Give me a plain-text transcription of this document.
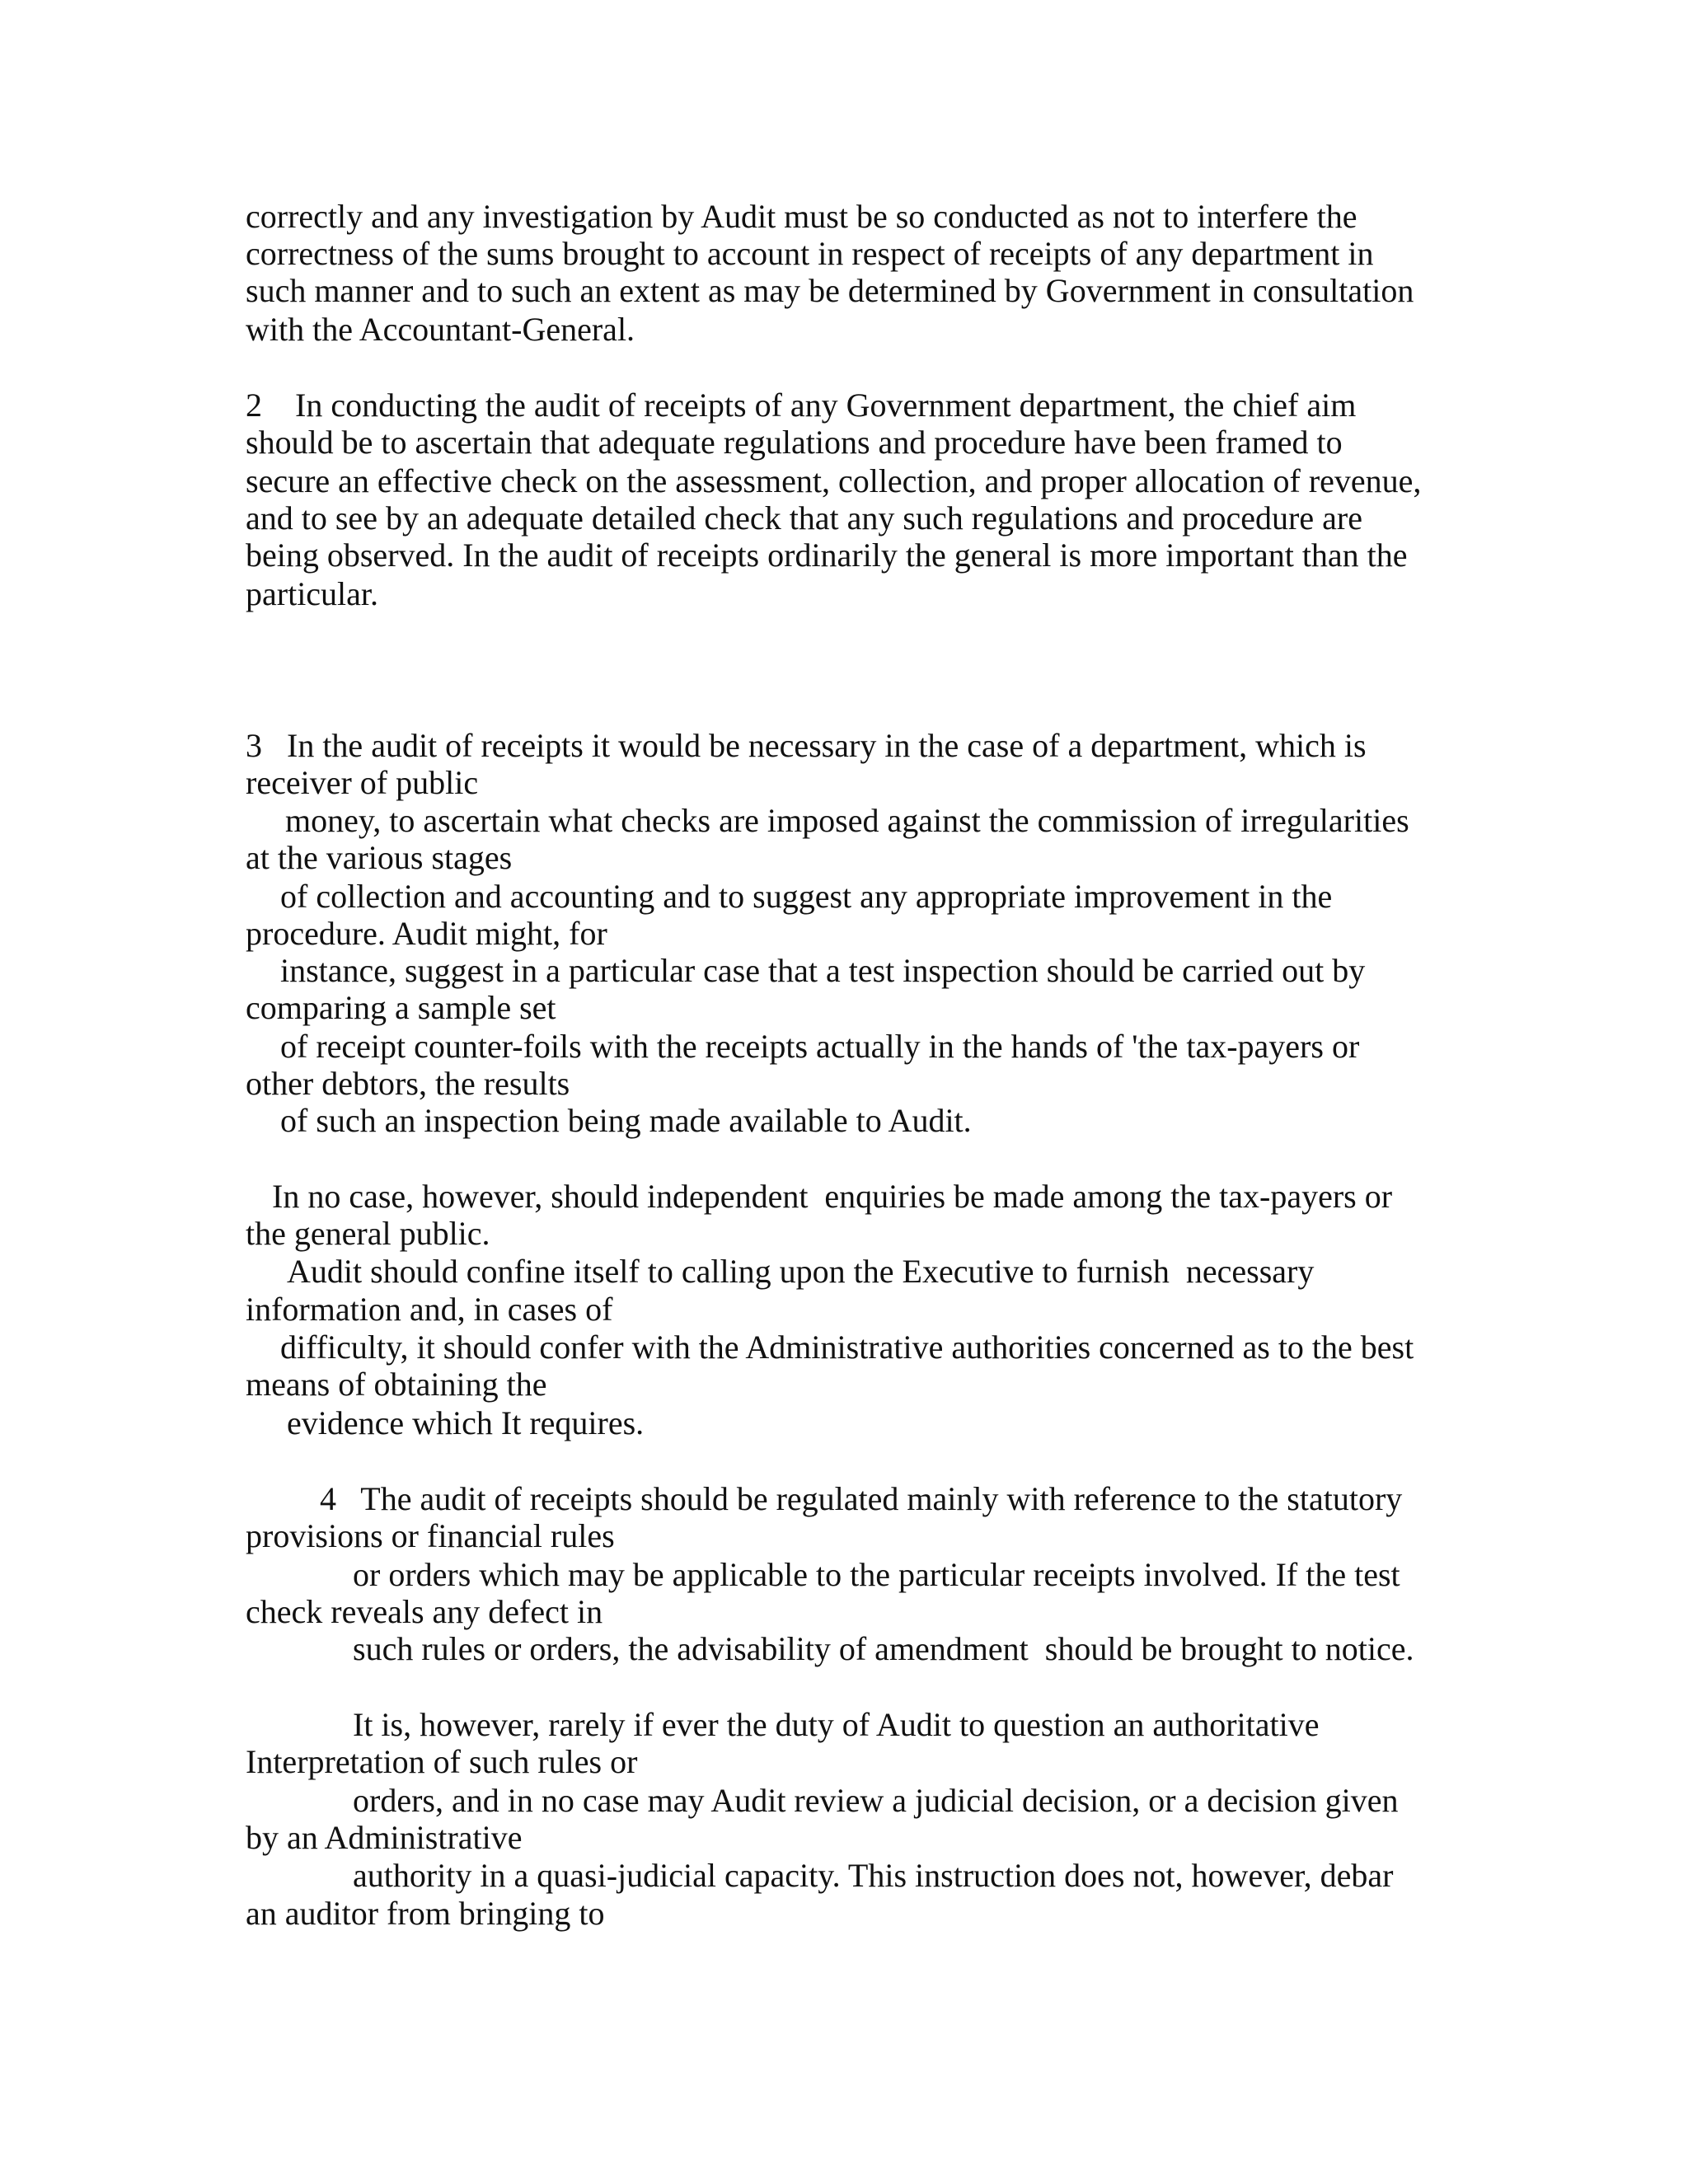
correctly and any investigation by Audit must be so conducted as not to interfere the
correctness of the sums brought to account in respect of receipts of any department in
such manner and to such an extent as may be determined by Government in consultation
with the Accountant-General.
2    In conducting the audit of receipts of any Government department, the chief aim
should be to ascertain that adequate regulations and procedure have been framed to
secure an effective check on the assessment, collection, and proper allocation of revenue,
and to see by an adequate detailed check that any such regulations and procedure are
being observed. In the audit of receipts ordinarily the general is more important than the
particular.
3   In the audit of receipts it would be necessary in the case of a department, which is
receiver of public
money, to ascertain what checks are imposed against the commission of irregularities
at the various stages
of collection and accounting and to suggest any appropriate improvement in the
procedure. Audit might, for
instance, suggest in a particular case that a test inspection should be carried out by
comparing a sample set
of receipt counter-foils with the receipts actually in the hands of 'the tax-payers or
other debtors, the results
of such an inspection being made available to Audit.
In no case, however, should independent  enquiries be made among the tax-payers or
the general public.
Audit should confine itself to calling upon the Executive to furnish  necessary
information and, in cases of
difficulty, it should confer with the Administrative authorities concerned as to the best
means of obtaining the
evidence which It requires.
4   The audit of receipts should be regulated mainly with reference to the statutory
provisions or financial rules
or orders which may be applicable to the particular receipts involved. If the test
check reveals any defect in
such rules or orders, the advisability of amendment  should be brought to notice.
It is, however, rarely if ever the duty of Audit to question an authoritative
Interpretation of such rules or
orders, and in no case may Audit review a judicial decision, or a decision given
by an Administrative
authority in a quasi-judicial capacity. This instruction does not, however, debar
an auditor from bringing to
